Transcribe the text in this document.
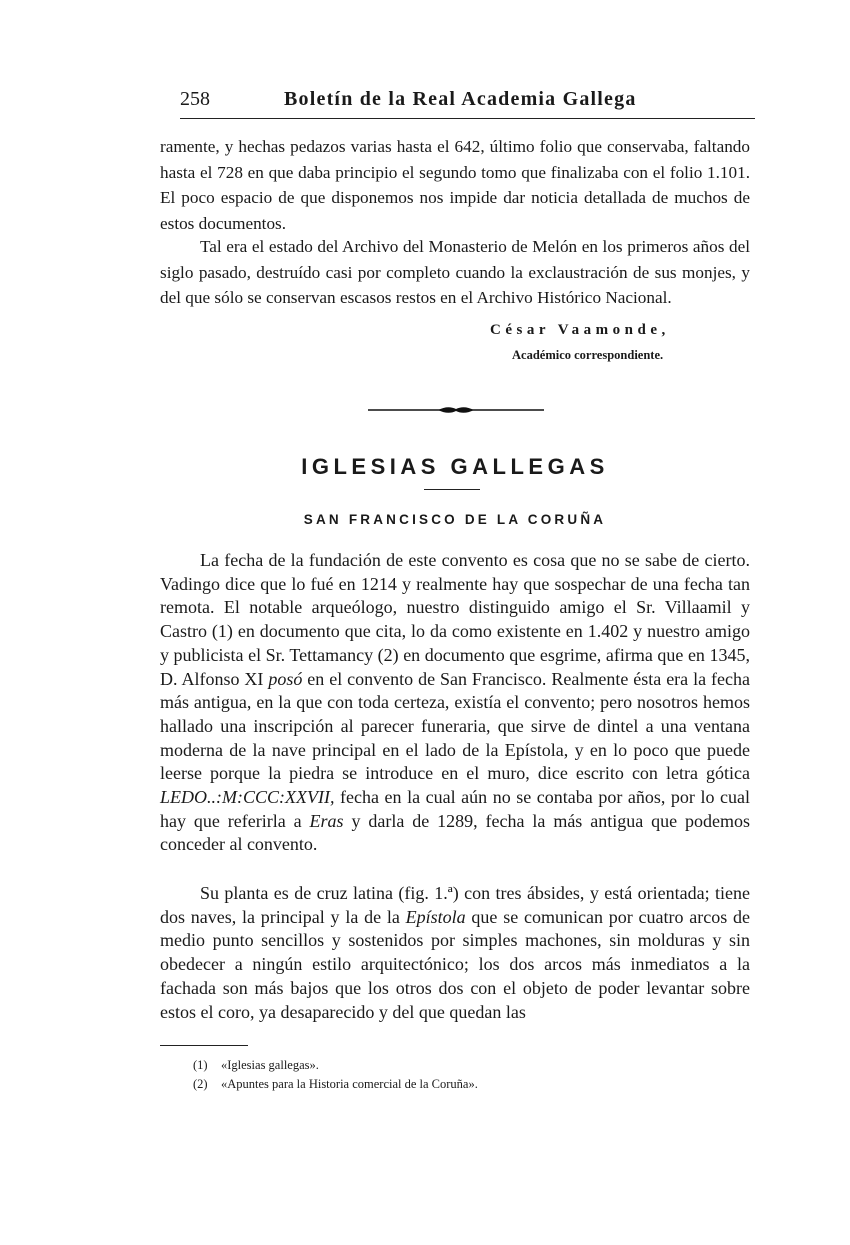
258	Boletín de la Real Academia Gallega

ramente, y hechas pedazos varias hasta el 642, último folio que conservaba, faltando hasta el 728 en que daba principio el segundo tomo que finalizaba con el folio 1.101. El poco espacio de que disponemos nos impide dar noticia detallada de muchos de estos documentos.

Tal era el estado del Archivo del Monasterio de Melón en los primeros años del siglo pasado, destruído casi por completo cuando la exclaustración de sus monjes, y del que sólo se conservan escasos restos en el Archivo Histórico Nacional.

César Vaamonde,
Académico correspondiente.
IGLESIAS GALLEGAS
SAN FRANCISCO DE LA CORUÑA

La fecha de la fundación de este convento es cosa que no se sabe de cierto. Vadingo dice que lo fué en 1214 y realmente hay que sospechar de una fecha tan remota. El notable arqueólogo, nuestro distinguido amigo el Sr. Villaamil y Castro (1) en documento que cita, lo da como existente en 1.402 y nuestro amigo y publicista el Sr. Tettamancy (2) en documento que esgrime, afirma que en 1345, D. Alfonso XI posó en el convento de San Francisco. Realmente ésta era la fecha más antigua, en la que con toda certeza, existía el convento; pero nosotros hemos hallado una inscripción al parecer funeraria, que sirve de dintel a una ventana moderna de la nave principal en el lado de la Epístola, y en lo poco que puede leerse porque la piedra se introduce en el muro, dice escrito con letra gótica LEDO..:M:CCC:XXVII, fecha en la cual aún no se contaba por años, por lo cual hay que referirla a Eras y darla de 1289, fecha la más antigua que podemos conceder al convento.

Su planta es de cruz latina (fig. 1.ª) con tres ábsides, y está orientada; tiene dos naves, la principal y la de la Epístola que se comunican por cuatro arcos de medio punto sencillos y sostenidos por simples machones, sin molduras y sin obedecer a ningún estilo arquitectónico; los dos arcos más inmediatos a la fachada son más bajos que los otros dos con el objeto de poder levantar sobre estos el coro, ya desaparecido y del que quedan las

(1) «Iglesias gallegas».
(2) «Apuntes para la Historia comercial de la Coruña».
